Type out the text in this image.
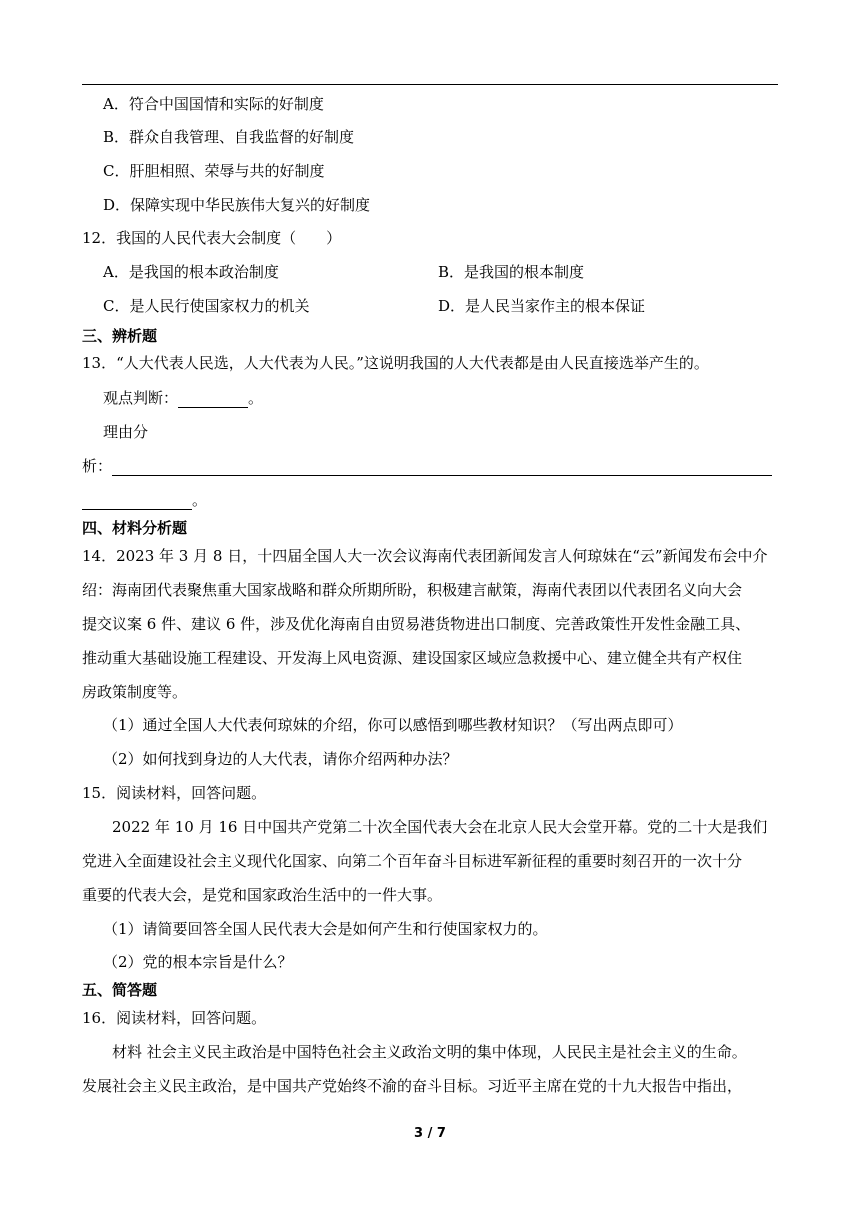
A．符合中国国情和实际的好制度
B．群众自我管理、自我监督的好制度
C．肝胆相照、荣辱与共的好制度
D．保障实现中华民族伟大复兴的好制度
12．我国的人民代表大会制度（　　）
A．是我国的根本政治制度	B．是我国的根本制度
C．是人民行使国家权力的机关	D．是人民当家作主的根本保证
三、辨析题
13．“人大代表人民选，人大代表为人民。”这说明我国的人大代表都是由人民直接选举产生的。
观点判断：	。
理由分
析：
。
四、材料分析题
14．2023 年 3 月 8 日，十四届全国人大一次会议海南代表团新闻发言人何琼妹在“云”新闻发布会中介
绍：海南团代表聚焦重大国家战略和群众所期所盼，积极建言献策，海南代表团以代表团名义向大会
提交议案 6 件、建议 6 件，涉及优化海南自由贸易港货物进出口制度、完善政策性开发性金融工具、
推动重大基础设施工程建设、开发海上风电资源、建设国家区域应急救援中心、建立健全共有产权住
房政策制度等。
（1）通过全国人大代表何琼妹的介绍，你可以感悟到哪些教材知识？（写出两点即可）
（2）如何找到身边的人大代表，请你介绍两种办法？
15．阅读材料，回答问题。
2022 年 10 月 16 日中国共产党第二十次全国代表大会在北京人民大会堂开幕。党的二十大是我们
党进入全面建设社会主义现代化国家、向第二个百年奋斗目标进军新征程的重要时刻召开的一次十分
重要的代表大会，是党和国家政治生活中的一件大事。
（1）请简要回答全国人民代表大会是如何产生和行使国家权力的。
（2）党的根本宗旨是什么？
五、简答题
16．阅读材料，回答问题。
材料 社会主义民主政治是中国特色社会主义政治文明的集中体现，人民民主是社会主义的生命。
发展社会主义民主政治，是中国共产党始终不渝的奋斗目标。习近平主席在党的十九大报告中指出，
3 / 7
